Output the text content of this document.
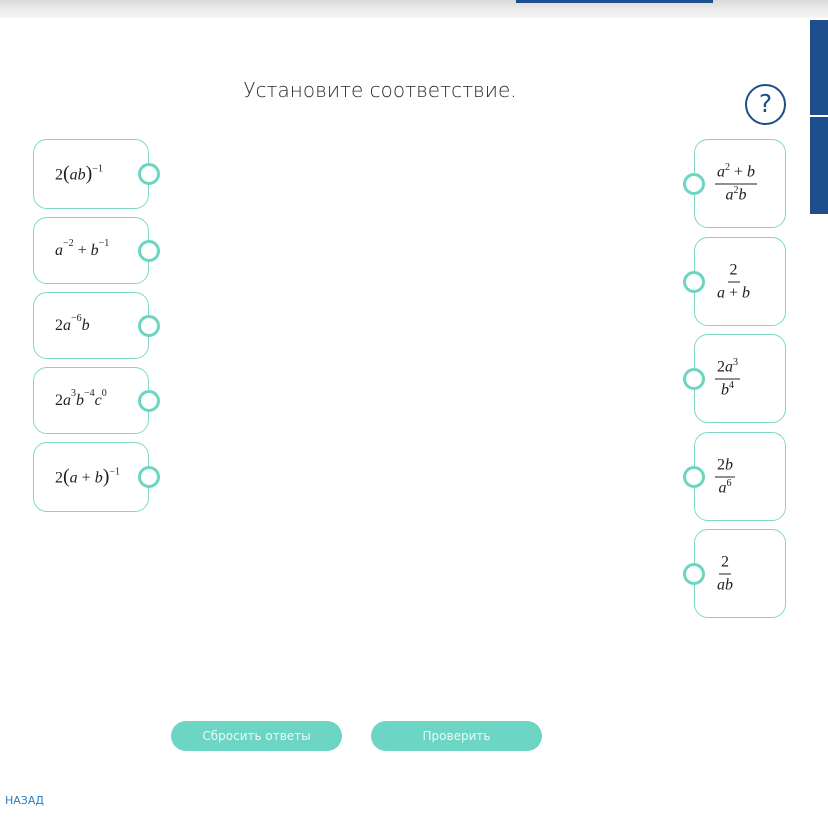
Установите соответствие.	?
2(ab)$^{-1}$
$a^{-2} + b^{-1}$
$2a^{-6}b$
$2a^3b^{-4}c^0$
$2(a + b)^{-1}$
$\frac{a^2 + b}{a^2b}$
$\frac{2}{a + b}$
$\frac{2a^3}{b^4}$
$\frac{2b}{a^6}$
$\frac{2}{ab}$
Сбросить ответы	Проверить
НАЗАД
